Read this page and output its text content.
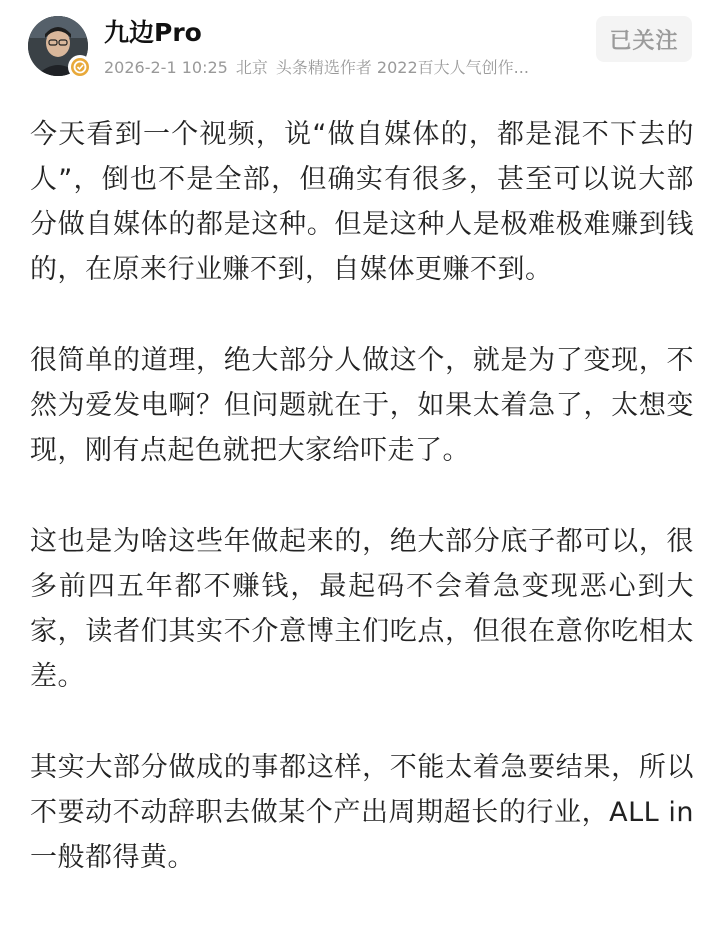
九边Pro
2026-2-1 10:25 北京 头条精选作者 2022百大人气创作...
已关注

今天看到一个视频，说“做自媒体的，都是混不下去的人”，倒也不是全部，但确实有很多，甚至可以说大部分做自媒体的都是这种。但是这种人是极难极难赚到钱的，在原来行业赚不到，自媒体更赚不到。

很简单的道理，绝大部分人做这个，就是为了变现，不然为爱发电啊？但问题就在于，如果太着急了，太想变现，刚有点起色就把大家给吓走了。

这也是为啥这些年做起来的，绝大部分底子都可以，很多前四五年都不赚钱，最起码不会着急变现恶心到大家，读者们其实不介意博主们吃点，但很在意你吃相太差。

其实大部分做成的事都这样，不能太着急要结果，所以不要动不动辞职去做某个产出周期超长的行业，ALL in一般都得黄。
